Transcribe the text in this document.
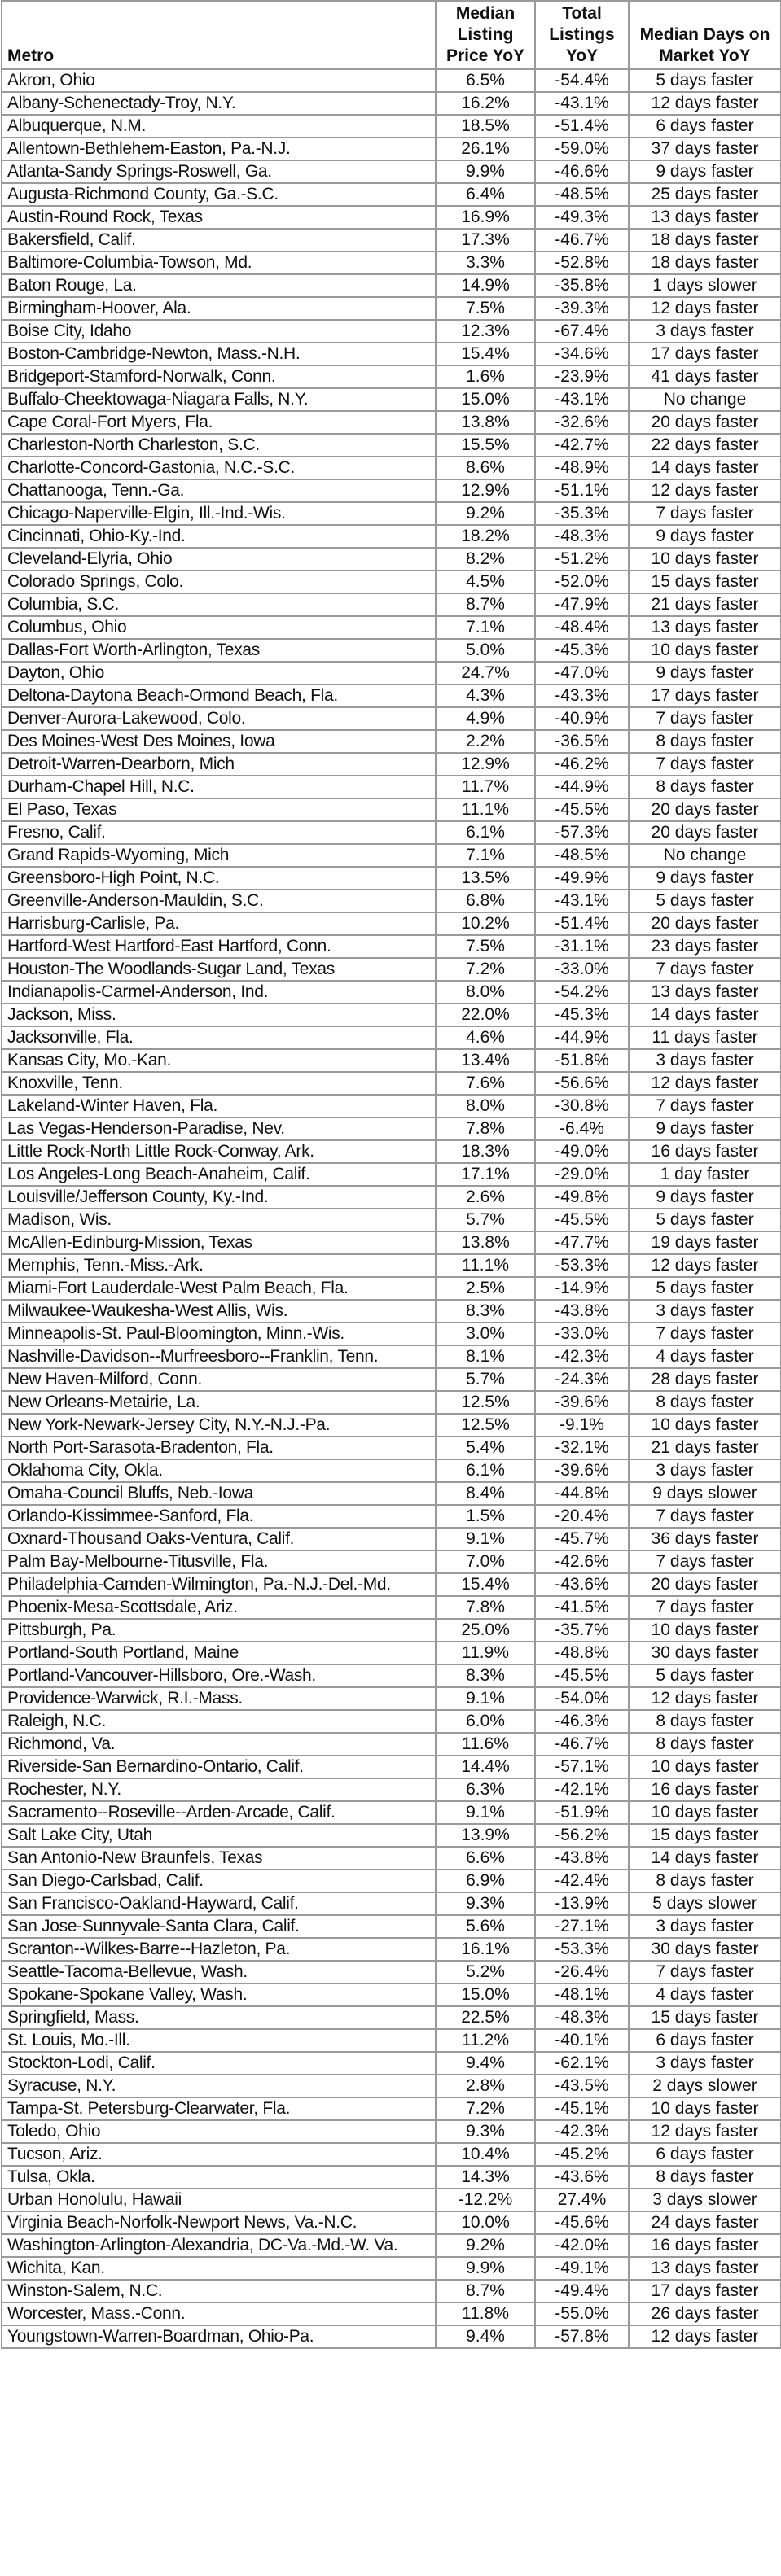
Metro	Median Listing Price YoY	Total Listings YoY	Median Days on Market YoY
Akron, Ohio	6.5%	-54.4%	5 days faster
Albany-Schenectady-Troy, N.Y.	16.2%	-43.1%	12 days faster
Albuquerque, N.M.	18.5%	-51.4%	6 days faster
Allentown-Bethlehem-Easton, Pa.-N.J.	26.1%	-59.0%	37 days faster
Atlanta-Sandy Springs-Roswell, Ga.	9.9%	-46.6%	9 days faster
Augusta-Richmond County, Ga.-S.C.	6.4%	-48.5%	25 days faster
Austin-Round Rock, Texas	16.9%	-49.3%	13 days faster
Bakersfield, Calif.	17.3%	-46.7%	18 days faster
Baltimore-Columbia-Towson, Md.	3.3%	-52.8%	18 days faster
Baton Rouge, La.	14.9%	-35.8%	1 days slower
Birmingham-Hoover, Ala.	7.5%	-39.3%	12 days faster
Boise City, Idaho	12.3%	-67.4%	3 days faster
Boston-Cambridge-Newton, Mass.-N.H.	15.4%	-34.6%	17 days faster
Bridgeport-Stamford-Norwalk, Conn.	1.6%	-23.9%	41 days faster
Buffalo-Cheektowaga-Niagara Falls, N.Y.	15.0%	-43.1%	No change
Cape Coral-Fort Myers, Fla.	13.8%	-32.6%	20 days faster
Charleston-North Charleston, S.C.	15.5%	-42.7%	22 days faster
Charlotte-Concord-Gastonia, N.C.-S.C.	8.6%	-48.9%	14 days faster
Chattanooga, Tenn.-Ga.	12.9%	-51.1%	12 days faster
Chicago-Naperville-Elgin, Ill.-Ind.-Wis.	9.2%	-35.3%	7 days faster
Cincinnati, Ohio-Ky.-Ind.	18.2%	-48.3%	9 days faster
Cleveland-Elyria, Ohio	8.2%	-51.2%	10 days faster
Colorado Springs, Colo.	4.5%	-52.0%	15 days faster
Columbia, S.C.	8.7%	-47.9%	21 days faster
Columbus, Ohio	7.1%	-48.4%	13 days faster
Dallas-Fort Worth-Arlington, Texas	5.0%	-45.3%	10 days faster
Dayton, Ohio	24.7%	-47.0%	9 days faster
Deltona-Daytona Beach-Ormond Beach, Fla.	4.3%	-43.3%	17 days faster
Denver-Aurora-Lakewood, Colo.	4.9%	-40.9%	7 days faster
Des Moines-West Des Moines, Iowa	2.2%	-36.5%	8 days faster
Detroit-Warren-Dearborn, Mich	12.9%	-46.2%	7 days faster
Durham-Chapel Hill, N.C.	11.7%	-44.9%	8 days faster
El Paso, Texas	11.1%	-45.5%	20 days faster
Fresno, Calif.	6.1%	-57.3%	20 days faster
Grand Rapids-Wyoming, Mich	7.1%	-48.5%	No change
Greensboro-High Point, N.C.	13.5%	-49.9%	9 days faster
Greenville-Anderson-Mauldin, S.C.	6.8%	-43.1%	5 days faster
Harrisburg-Carlisle, Pa.	10.2%	-51.4%	20 days faster
Hartford-West Hartford-East Hartford, Conn.	7.5%	-31.1%	23 days faster
Houston-The Woodlands-Sugar Land, Texas	7.2%	-33.0%	7 days faster
Indianapolis-Carmel-Anderson, Ind.	8.0%	-54.2%	13 days faster
Jackson, Miss.	22.0%	-45.3%	14 days faster
Jacksonville, Fla.	4.6%	-44.9%	11 days faster
Kansas City, Mo.-Kan.	13.4%	-51.8%	3 days faster
Knoxville, Tenn.	7.6%	-56.6%	12 days faster
Lakeland-Winter Haven, Fla.	8.0%	-30.8%	7 days faster
Las Vegas-Henderson-Paradise, Nev.	7.8%	-6.4%	9 days faster
Little Rock-North Little Rock-Conway, Ark.	18.3%	-49.0%	16 days faster
Los Angeles-Long Beach-Anaheim, Calif.	17.1%	-29.0%	1 day faster
Louisville/Jefferson County, Ky.-Ind.	2.6%	-49.8%	9 days faster
Madison, Wis.	5.7%	-45.5%	5 days faster
McAllen-Edinburg-Mission, Texas	13.8%	-47.7%	19 days faster
Memphis, Tenn.-Miss.-Ark.	11.1%	-53.3%	12 days faster
Miami-Fort Lauderdale-West Palm Beach, Fla.	2.5%	-14.9%	5 days faster
Milwaukee-Waukesha-West Allis, Wis.	8.3%	-43.8%	3 days faster
Minneapolis-St. Paul-Bloomington, Minn.-Wis.	3.0%	-33.0%	7 days faster
Nashville-Davidson--Murfreesboro--Franklin, Tenn.	8.1%	-42.3%	4 days faster
New Haven-Milford, Conn.	5.7%	-24.3%	28 days faster
New Orleans-Metairie, La.	12.5%	-39.6%	8 days faster
New York-Newark-Jersey City, N.Y.-N.J.-Pa.	12.5%	-9.1%	10 days faster
North Port-Sarasota-Bradenton, Fla.	5.4%	-32.1%	21 days faster
Oklahoma City, Okla.	6.1%	-39.6%	3 days faster
Omaha-Council Bluffs, Neb.-Iowa	8.4%	-44.8%	9 days slower
Orlando-Kissimmee-Sanford, Fla.	1.5%	-20.4%	7 days faster
Oxnard-Thousand Oaks-Ventura, Calif.	9.1%	-45.7%	36 days faster
Palm Bay-Melbourne-Titusville, Fla.	7.0%	-42.6%	7 days faster
Philadelphia-Camden-Wilmington, Pa.-N.J.-Del.-Md.	15.4%	-43.6%	20 days faster
Phoenix-Mesa-Scottsdale, Ariz.	7.8%	-41.5%	7 days faster
Pittsburgh, Pa.	25.0%	-35.7%	10 days faster
Portland-South Portland, Maine	11.9%	-48.8%	30 days faster
Portland-Vancouver-Hillsboro, Ore.-Wash.	8.3%	-45.5%	5 days faster
Providence-Warwick, R.I.-Mass.	9.1%	-54.0%	12 days faster
Raleigh, N.C.	6.0%	-46.3%	8 days faster
Richmond, Va.	11.6%	-46.7%	8 days faster
Riverside-San Bernardino-Ontario, Calif.	14.4%	-57.1%	10 days faster
Rochester, N.Y.	6.3%	-42.1%	16 days faster
Sacramento--Roseville--Arden-Arcade, Calif.	9.1%	-51.9%	10 days faster
Salt Lake City, Utah	13.9%	-56.2%	15 days faster
San Antonio-New Braunfels, Texas	6.6%	-43.8%	14 days faster
San Diego-Carlsbad, Calif.	6.9%	-42.4%	8 days faster
San Francisco-Oakland-Hayward, Calif.	9.3%	-13.9%	5 days slower
San Jose-Sunnyvale-Santa Clara, Calif.	5.6%	-27.1%	3 days faster
Scranton--Wilkes-Barre--Hazleton, Pa.	16.1%	-53.3%	30 days faster
Seattle-Tacoma-Bellevue, Wash.	5.2%	-26.4%	7 days faster
Spokane-Spokane Valley, Wash.	15.0%	-48.1%	4 days faster
Springfield, Mass.	22.5%	-48.3%	15 days faster
St. Louis, Mo.-Ill.	11.2%	-40.1%	6 days faster
Stockton-Lodi, Calif.	9.4%	-62.1%	3 days faster
Syracuse, N.Y.	2.8%	-43.5%	2 days slower
Tampa-St. Petersburg-Clearwater, Fla.	7.2%	-45.1%	10 days faster
Toledo, Ohio	9.3%	-42.3%	12 days faster
Tucson, Ariz.	10.4%	-45.2%	6 days faster
Tulsa, Okla.	14.3%	-43.6%	8 days faster
Urban Honolulu, Hawaii	-12.2%	27.4%	3 days slower
Virginia Beach-Norfolk-Newport News, Va.-N.C.	10.0%	-45.6%	24 days faster
Washington-Arlington-Alexandria, DC-Va.-Md.-W. Va.	9.2%	-42.0%	16 days faster
Wichita, Kan.	9.9%	-49.1%	13 days faster
Winston-Salem, N.C.	8.7%	-49.4%	17 days faster
Worcester, Mass.-Conn.	11.8%	-55.0%	26 days faster
Youngstown-Warren-Boardman, Ohio-Pa.	9.4%	-57.8%	12 days faster
